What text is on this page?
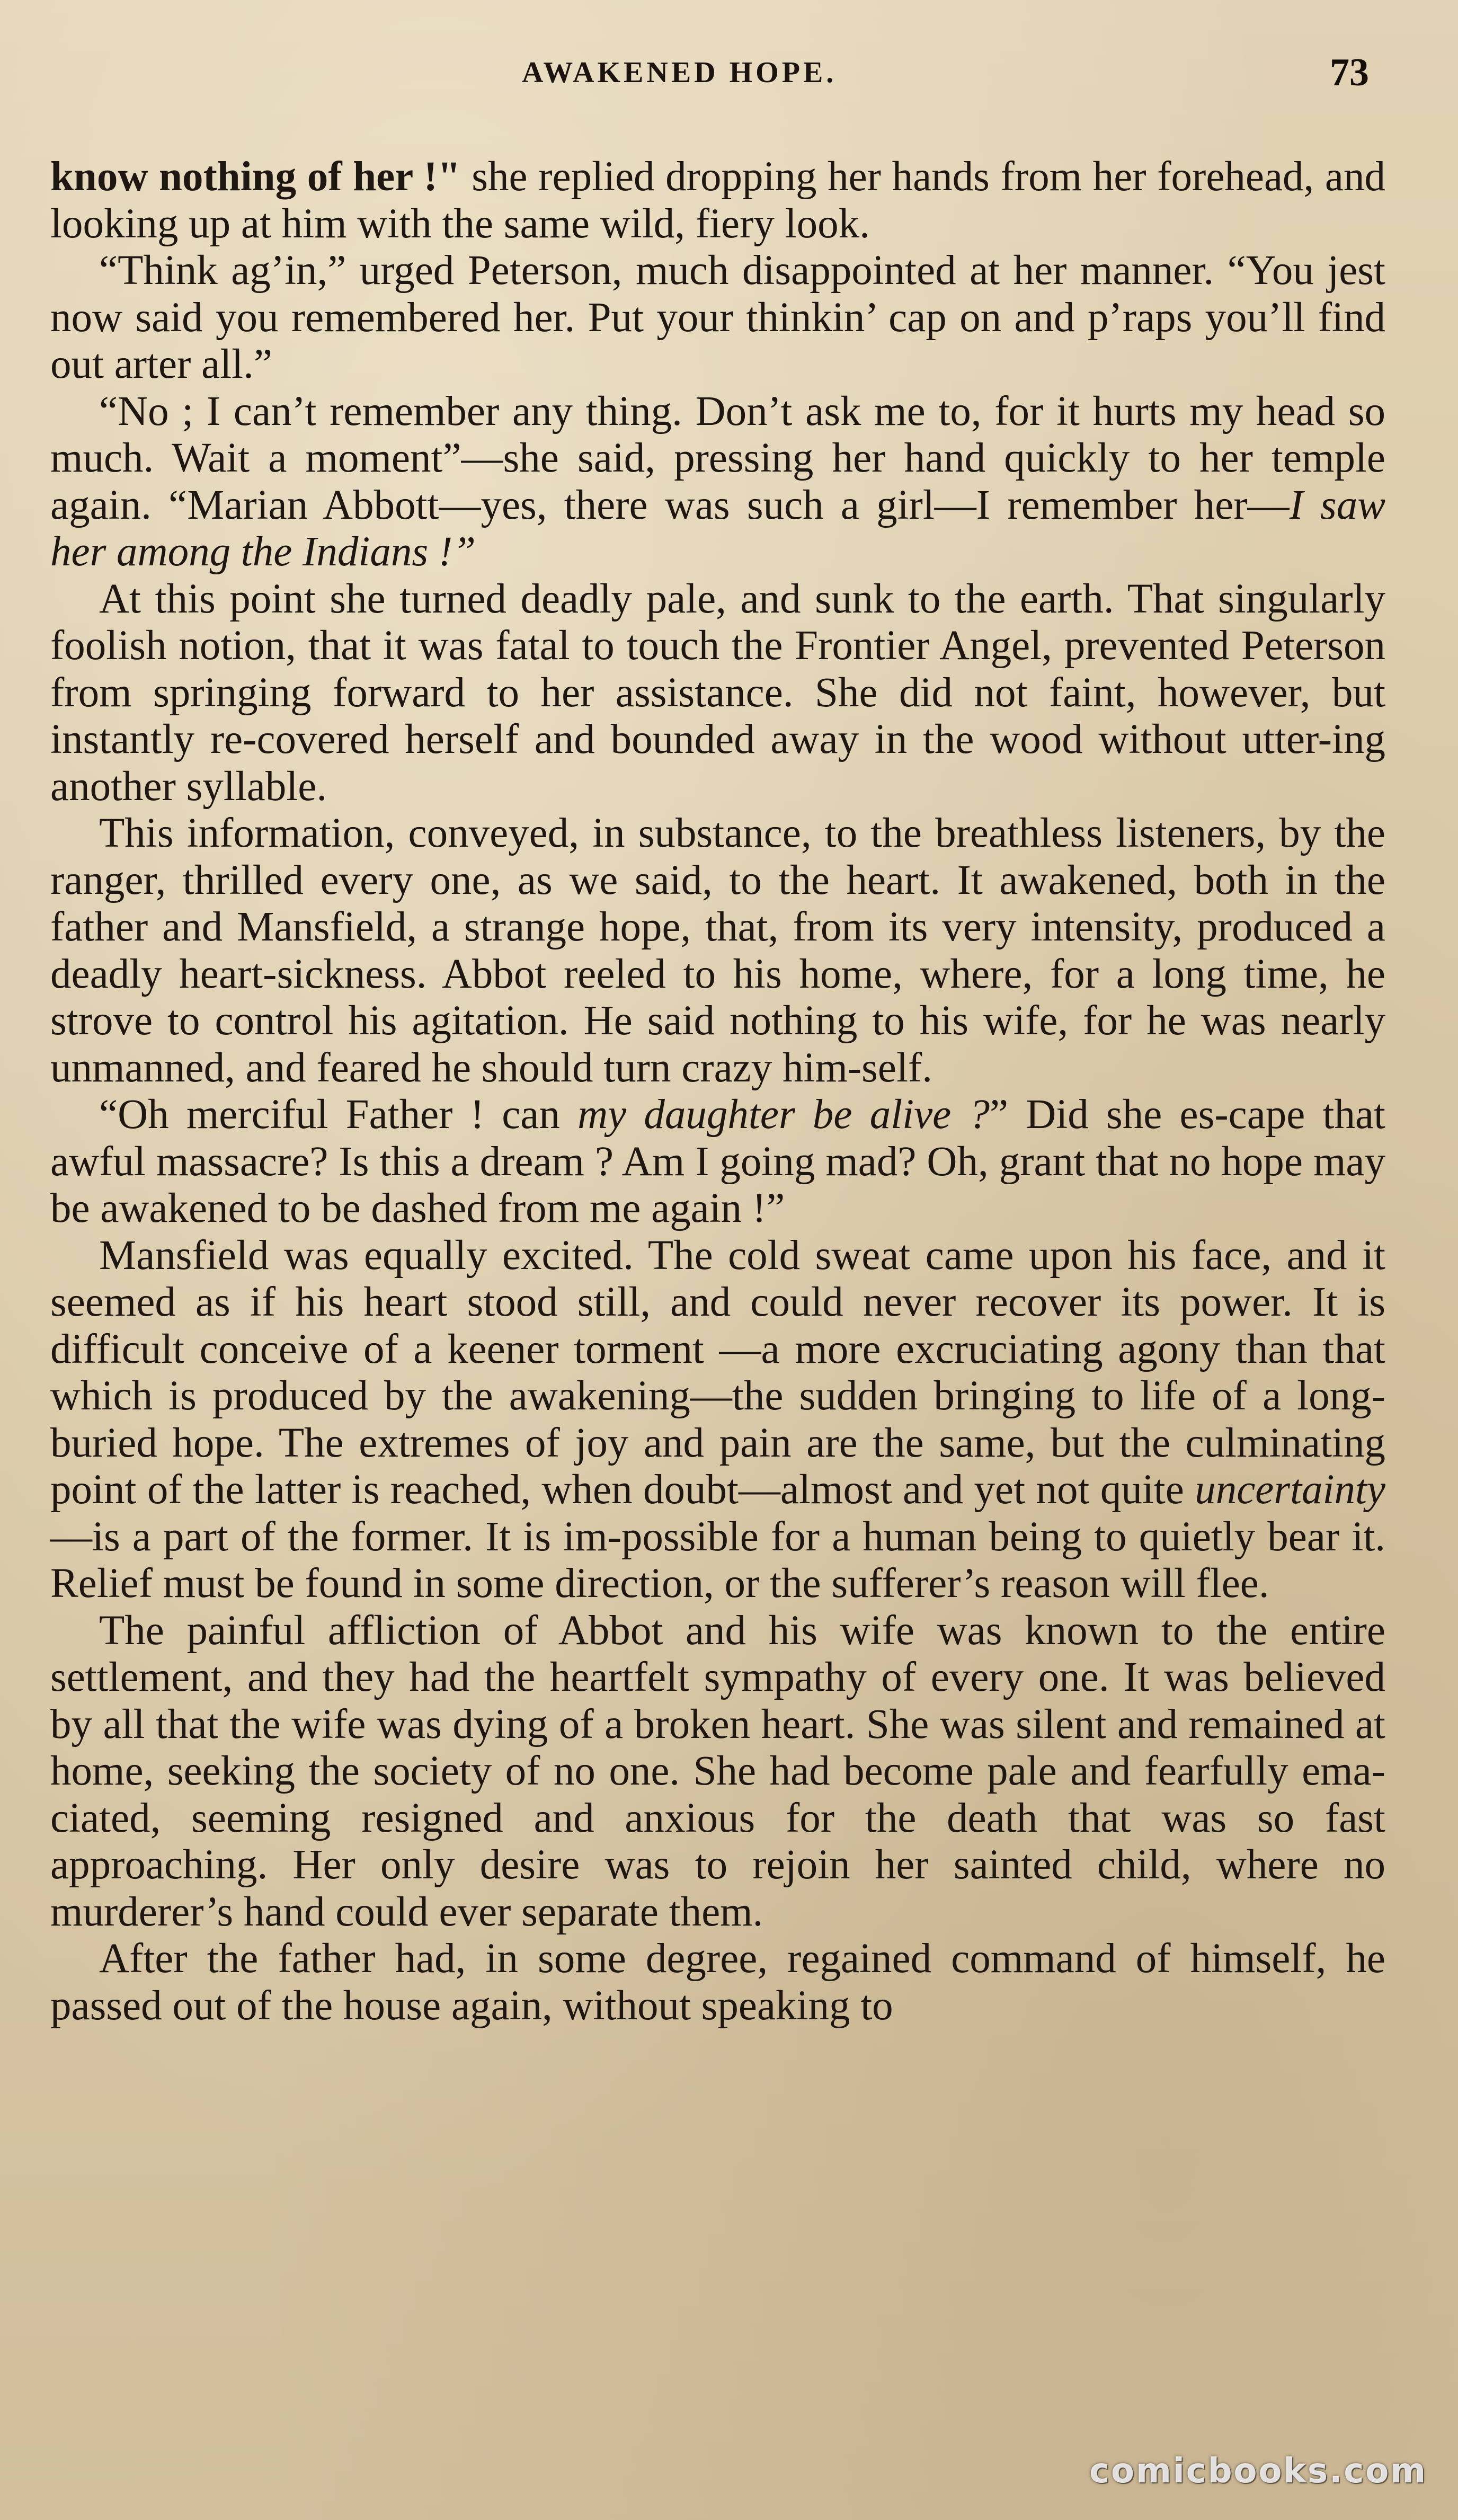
AWAKENED HOPE.	73

know nothing of her !" she replied dropping her hands from her forehead, and looking up at him with the same wild, fiery look.

“Think ag’in,” urged Peterson, much disappointed at her manner. “You jest now said you remembered her. Put your thinkin’ cap on and p’raps you’ll find out arter all.”

“No ; I can’t remember any thing. Don’t ask me to, for it hurts my head so much. Wait a moment”—she said, pressing her hand quickly to her temple again. “Marian Abbott—yes, there was such a girl—I remember her—I saw her among the Indians !”

At this point she turned deadly pale, and sunk to the earth. That singularly foolish notion, that it was fatal to touch the Frontier Angel, prevented Peterson from springing forward to her assistance. She did not faint, however, but instantly re-covered herself and bounded away in the wood without utter-ing another syllable.

This information, conveyed, in substance, to the breathless listeners, by the ranger, thrilled every one, as we said, to the heart. It awakened, both in the father and Mansfield, a strange hope, that, from its very intensity, produced a deadly heart-sickness. Abbot reeled to his home, where, for a long time, he strove to control his agitation. He said nothing to his wife, for he was nearly unmanned, and feared he should turn crazy him-self.

“Oh merciful Father ! can my daughter be alive ?” Did she es-cape that awful massacre? Is this a dream ? Am I going mad? Oh, grant that no hope may be awakened to be dashed from me again !”

Mansfield was equally excited. The cold sweat came upon his face, and it seemed as if his heart stood still, and could never recover its power. It is difficult conceive of a keener torment —a more excruciating agony than that which is produced by the awakening—the sudden bringing to life of a long-buried hope. The extremes of joy and pain are the same, but the culminating point of the latter is reached, when doubt—almost and yet not quite uncertainty—is a part of the former. It is im-possible for a human being to quietly bear it. Relief must be found in some direction, or the sufferer’s reason will flee.

The painful affliction of Abbot and his wife was known to the entire settlement, and they had the heartfelt sympathy of every one. It was believed by all that the wife was dying of a broken heart. She was silent and remained at home, seeking the society of no one. She had become pale and fearfully ema-ciated, seeming resigned and anxious for the death that was so fast approaching. Her only desire was to rejoin her sainted child, where no murderer’s hand could ever separate them.

After the father had, in some degree, regained command of himself, he passed out of the house again, without speaking to

comicbooks.com
